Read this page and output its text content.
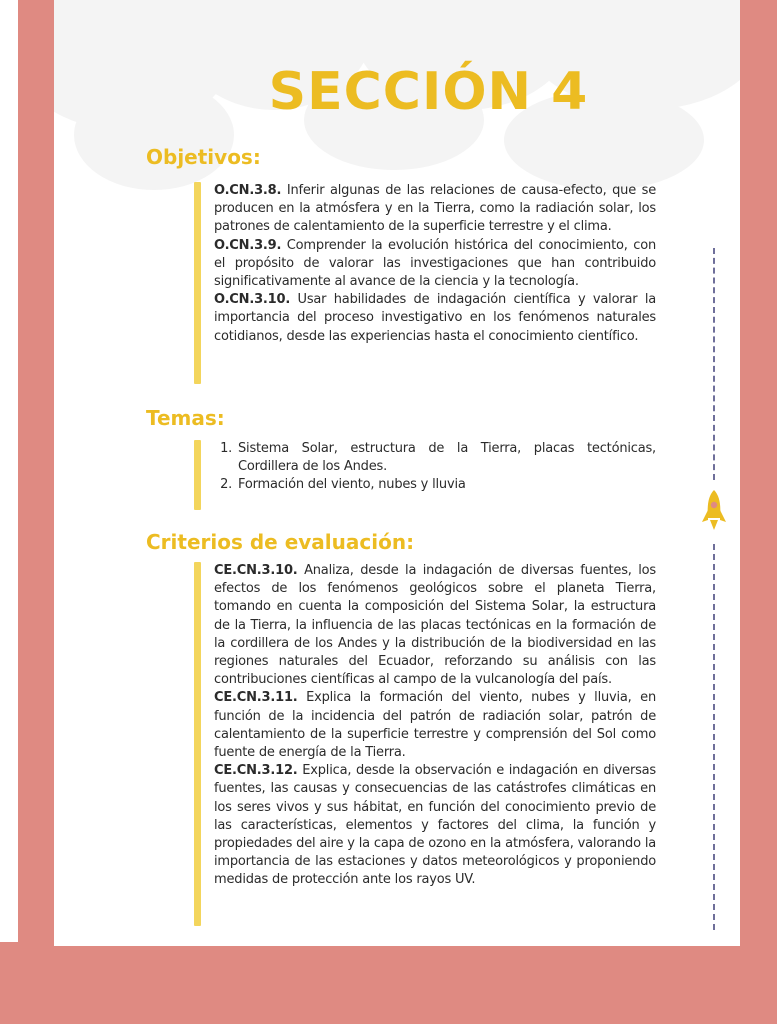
SECCIÓN 4
Objetivos:

O.CN.3.8. Inferir algunas de las relaciones de causa-efecto, que se producen en la atmósfera y en la Tierra, como la radiación solar, los patrones de calentamiento de la superficie terrestre y el clima.

O.CN.3.9. Comprender la evolución histórica del conocimiento, con el propósito de valorar las investigaciones que han contribuido significativamente al avance de la ciencia y la tecnología.

O.CN.3.10. Usar habilidades de indagación científica y valorar la importancia del proceso investigativo en los fenómenos naturales cotidianos, desde las experiencias hasta el conocimiento científico.

Temas:
1. Sistema Solar, estructura de la Tierra, placas tectónicas, Cordillera de los Andes.
2. Formación del viento, nubes y lluvia
Criterios de evaluación:

CE.CN.3.10. Analiza, desde la indagación de diversas fuentes, los efectos de los fenómenos geológicos sobre el planeta Tierra, tomando en cuenta la composición del Sistema Solar, la estructura de la Tierra, la influencia de las placas tectónicas en la formación de la cordillera de los Andes y la distribución de la biodiversidad en las regiones naturales del Ecuador, reforzando su análisis con las contribuciones científicas al campo de la vulcanología del país.

CE.CN.3.11. Explica la formación del viento, nubes y lluvia, en función de la incidencia del patrón de radiación solar, patrón de calentamiento de la superficie terrestre y comprensión del Sol como fuente de energía de la Tierra.

CE.CN.3.12. Explica, desde la observación e indagación en diversas fuentes, las causas y consecuencias de las catástrofes climáticas en los seres vivos y sus hábitat, en función del conocimiento previo de las características, elementos y factores del clima, la función y propiedades del aire y la capa de ozono en la atmósfera, valorando la importancia de las estaciones y datos meteorológicos y proponiendo medidas de protección ante los rayos UV.
